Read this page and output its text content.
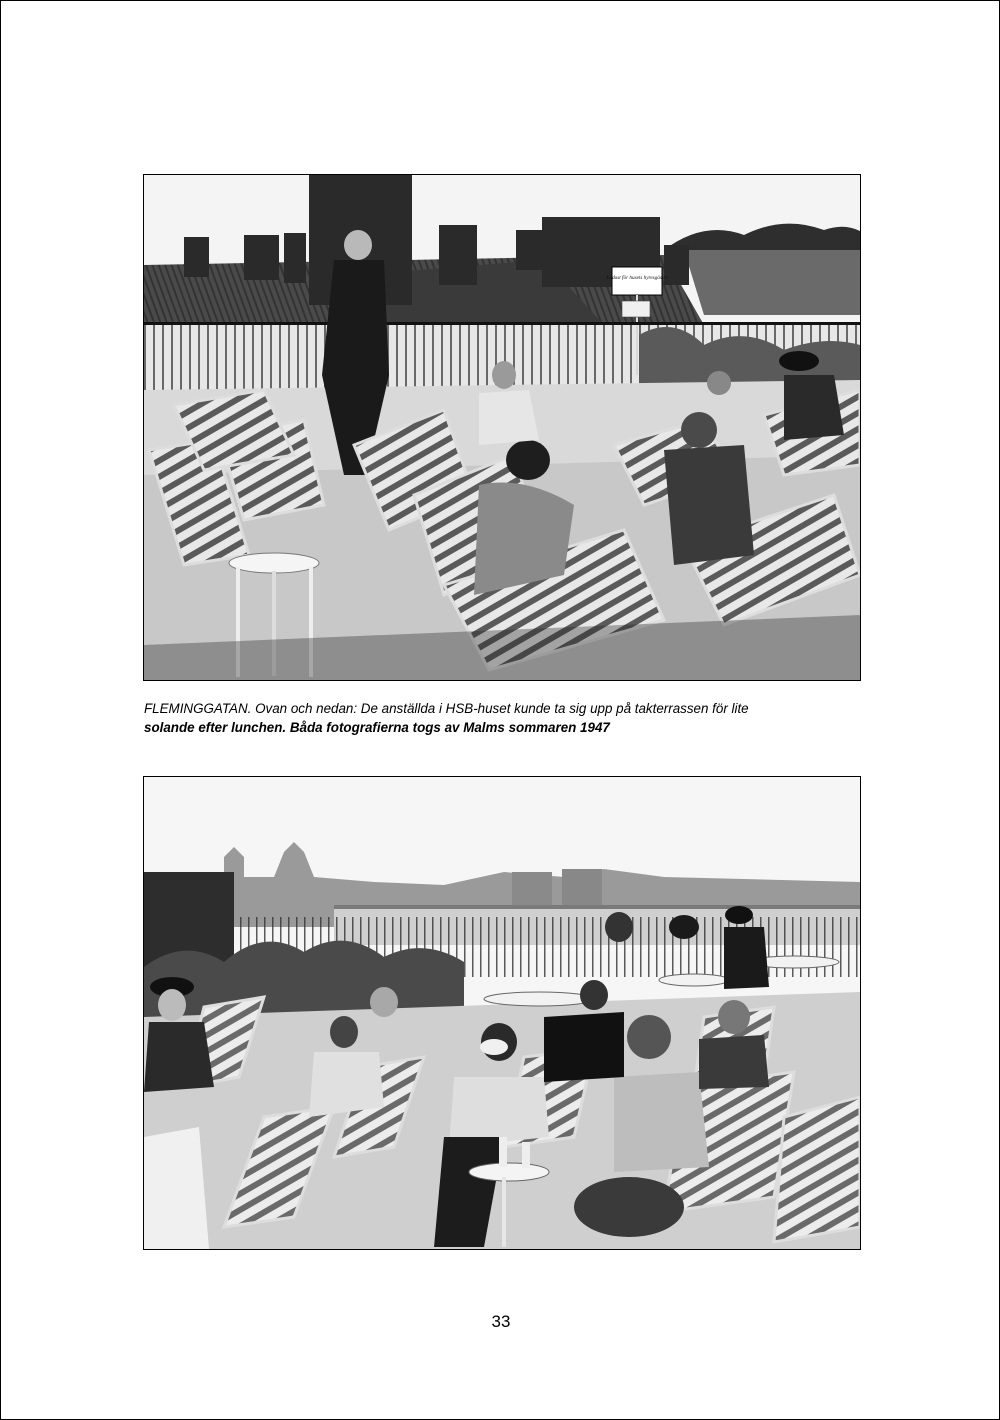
Endast för husets hyresgäster
FLEMINGGATAN. Ovan och nedan: De anställda i HSB-huset kunde ta sig upp på takterrassen för lite
solande efter lunchen. Båda fotografierna togs av Malms sommaren 1947
33
